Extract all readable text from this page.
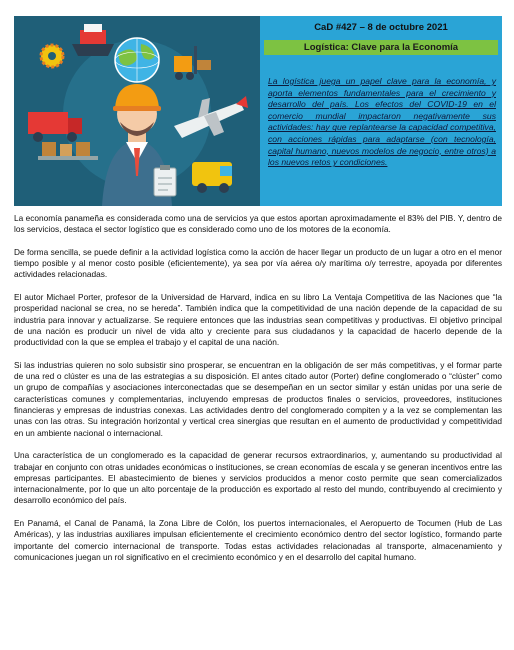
CaD #427 – 8 de octubre 2021
Logística: Clave para la Economía
La logística juega un papel clave para la economía, y aporta elementos fundamentales para el crecimiento y desarrollo del país. Los efectos del COVID-19 en el comercio mundial impactaron negativamente sus actividades: hay que replantearse la capacidad competitiva, con acciones rápidas para adaptarse (con tecnología, capital humano, nuevos modelos de negocio, entre otros) a los nuevos retos y condiciones.

La economía panameña es considerada como una de servicios ya que estos aportan aproximadamente el 83% del PIB. Y, dentro de los servicios, destaca el sector logístico que es considerado como uno de los motores de la economía.

De forma sencilla, se puede definir a la actividad logística como la acción de hacer llegar un producto de un lugar a otro en el menor tiempo posible y al menor costo posible (eficientemente), ya sea por vía aérea o/y marítima o/y terrestre, apoyada por diferentes actividades relacionadas.

El autor Michael Porter, profesor de la Universidad de Harvard, indica en su libro La Ventaja Competitiva de las Naciones que “la prosperidad nacional se crea, no se hereda”. También indica que la competitividad de una nación depende de la capacidad de su industria para innovar y actualizarse. Se requiere entonces que las industrias sean competitivas y productivas. El objetivo principal de una nación es producir un nivel de vida alto y creciente para sus ciudadanos y la capacidad de hacerlo depende de la productividad con la que se emplea el trabajo y el capital de una nación.

Si las industrias quieren no solo subsistir sino prosperar, se encuentran en la obligación de ser más competitivas, y el formar parte de una red o clúster es una de las estrategias a su disposición. El antes citado autor (Porter) define conglomerado o “clúster” como un grupo de compañías y asociaciones interconectadas que se desempeñan en un sector similar y están unidas por una serie de características comunes y complementarias, incluyendo empresas de productos finales o servicios, proveedores, instituciones financieras y empresas de industrias conexas. Las actividades dentro del conglomerado compiten y a la vez se complementan las unas con las otras. Su integración horizontal y vertical crea sinergias que resultan en el aumento de productividad y competitividad en un ambiente nacional o internacional.

Una característica de un conglomerado es la capacidad de generar recursos extraordinarios, y, aumentando su productividad al trabajar en conjunto con otras unidades económicas o instituciones, se crean economías de escala y se generan incentivos entre las empresas participantes. El abastecimiento de bienes y servicios producidos a menor costo permite que sean comercializados internacionalmente, por lo que un alto porcentaje de la producción es exportado al resto del mundo, contribuyendo al crecimiento y desarrollo económico del país.

En Panamá, el Canal de Panamá, la Zona Libre de Colón, los puertos internacionales, el Aeropuerto de Tocumen (Hub de Las Américas), y las industrias auxiliares impulsan eficientemente el crecimiento económico dentro del sector logístico, formando parte importante del comercio internacional de transporte. Todas estas actividades relacionadas al transporte, almacenamiento y comunicaciones juegan un rol significativo en el crecimiento económico y en el desarrollo del capital humano.
